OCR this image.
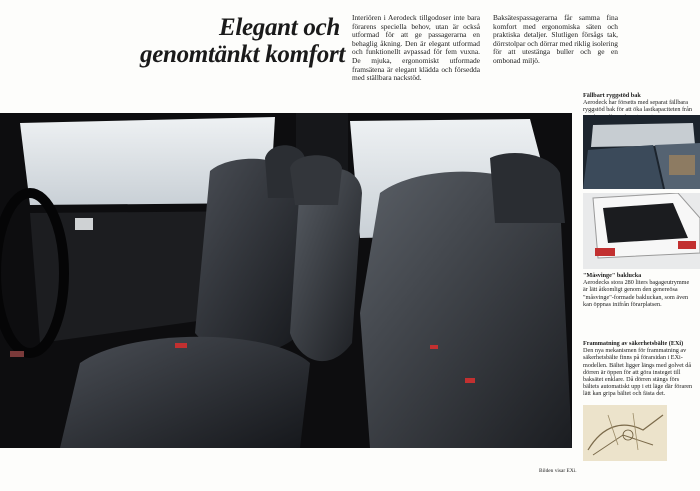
Elegant och
genomtänkt komfort
Interiören i Aerodeck tillgodoser inte bara förarens speciella behov, utan är också utformad för att ge passagerarna en behaglig åkning. Den är elegant utformad och funktionellt avpassad för fem vuxna. De mjuka, ergonomiskt utformade framsätena är elegant klädda och försedda med ställbara nackstöd.
Baksätespassagerarna får samma fina komfort med ergonomiska säten och praktiska detaljer. Slutligen försågs tak, dörrstolpar och dörrar med riklig isolering för att utestänga buller och ge en ombonad miljö.
Fällbart ryggstöd bak
Aerodeck har försetts med separat fällbara ryggstöd bak för att öka lastkapaciteten från
"Måsvinge" baklucka
Aerodecks stora 280 liters bagageutrymme är lätt åtkomligt genom den genereösa "måsvinge"-formade bakluckan, som även kan öppnas inifrån förarplatsen.
Frammatning av säkerhetsbälte (EXi)
Den nya mekanismen för frammatning av säkerhetsbälte finns på förarsidan i EXi-modellen. Bältet ligger längs med golvet då dörren är öppen för att göra insteget till baksätet enklare. Då dörren stängs förs bältets automatiskt upp i ett läge där föraren lätt kan gripa bältet och fästa det.
Bilden visar EXi.
